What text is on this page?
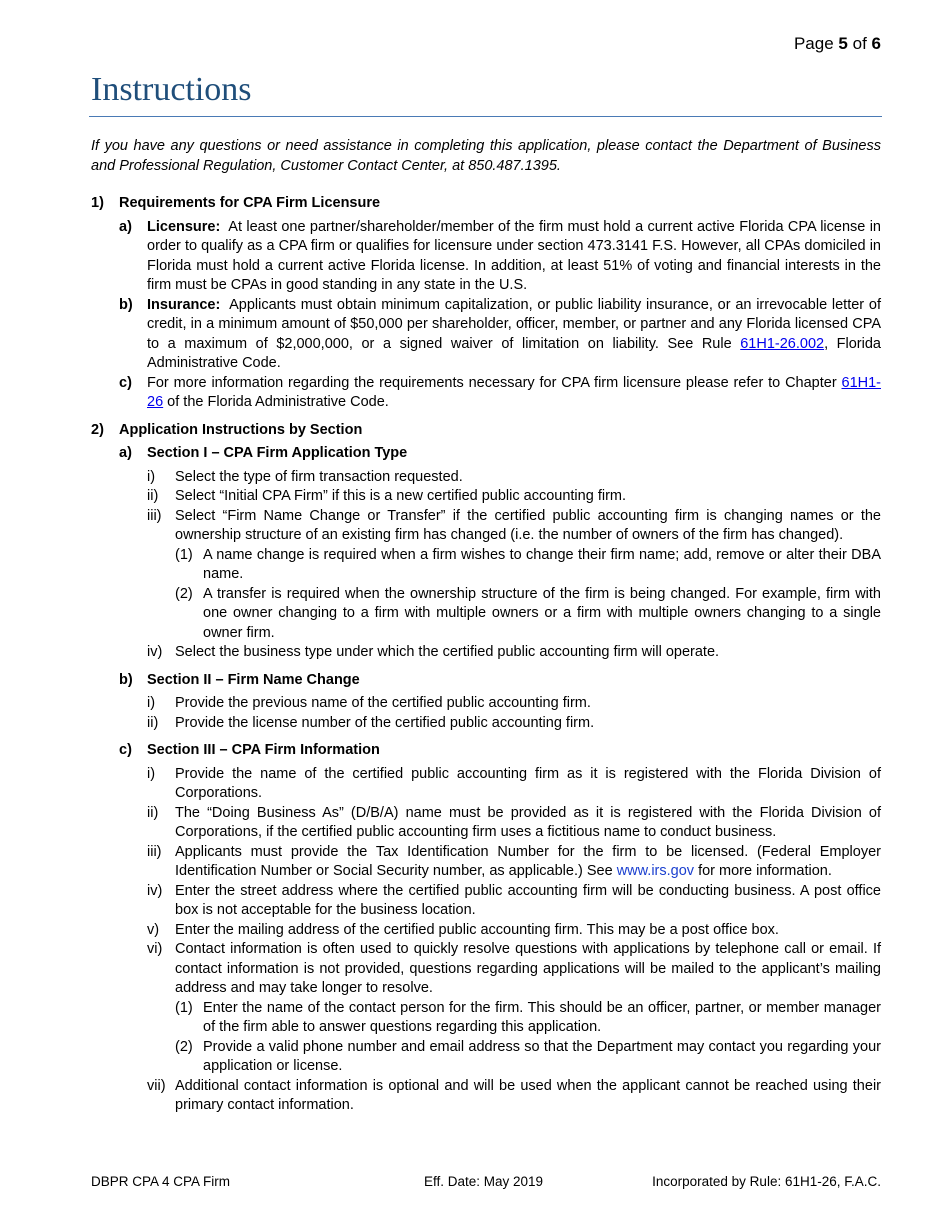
Page 5 of 6
Instructions

If you have any questions or need assistance in completing this application, please contact the Department of Business and Professional Regulation, Customer Contact Center, at 850.487.1395.

1)	Requirements for CPA Firm Licensure
a)	Licensure: At least one partner/shareholder/member of the firm must hold a current active Florida CPA license in order to qualify as a CPA firm or qualifies for licensure under section 473.3141 F.S. However, all CPAs domiciled in Florida must hold a current active Florida license. In addition, at least 51% of voting and financial interests in the firm must be CPAs in good standing in any state in the U.S.
b) Insurance: Applicants must obtain minimum capitalization, or public liability insurance, or an irrevocable letter of credit, in a minimum amount of $50,000 per shareholder, officer, member, or partner and any Florida licensed CPA to a maximum of $2,000,000, or a signed waiver of limitation on liability. See Rule 61H1-26.002, Florida Administrative Code.
c)	For more information regarding the requirements necessary for CPA firm licensure please refer to Chapter 61H1-26 of the Florida Administrative Code.
2)	Application Instructions by Section
a)	Section I – CPA Firm Application Type
i)	Select the type of firm transaction requested.
ii)	Select “Initial CPA Firm” if this is a new certified public accounting firm.
iii) Select “Firm Name Change or Transfer” if the certified public accounting firm is changing names or the ownership structure of an existing firm has changed (i.e. the number of owners of the firm has changed).
(1) A name change is required when a firm wishes to change their firm name; add, remove or alter their DBA name.
(2) A transfer is required when the ownership structure of the firm is being changed. For example, firm with one owner changing to a firm with multiple owners or a firm with multiple owners changing to a single owner firm.
iv) Select the business type under which the certified public accounting firm will operate.
b) Section II – Firm Name Change
i)	Provide the previous name of the certified public accounting firm.
ii)	Provide the license number of the certified public accounting firm.
c)	Section III – CPA Firm Information
i)	Provide the name of the certified public accounting firm as it is registered with the Florida Division of Corporations.
ii)	The “Doing Business As” (D/B/A) name must be provided as it is registered with the Florida Division of Corporations, if the certified public accounting firm uses a fictitious name to conduct business.
iii) Applicants must provide the Tax Identification Number for the firm to be licensed. (Federal Employer Identification Number or Social Security number, as applicable.) See www.irs.gov for more information.
iv) Enter the street address where the certified public accounting firm will be conducting business. A post office box is not acceptable for the business location.
v)	Enter the mailing address of the certified public accounting firm. This may be a post office box.
vi) Contact information is often used to quickly resolve questions with applications by telephone call or email. If contact information is not provided, questions regarding applications will be mailed to the applicant’s mailing address and may take longer to resolve.
(1) Enter the name of the contact person for the firm. This should be an officer, partner, or member manager of the firm able to answer questions regarding this application.
(2) Provide a valid phone number and email address so that the Department may contact you regarding your application or license.
vii) Additional contact information is optional and will be used when the applicant cannot be reached using their primary contact information.
DBPR CPA 4 CPA Firm	Eff. Date: May 2019	Incorporated by Rule: 61H1-26, F.A.C.
